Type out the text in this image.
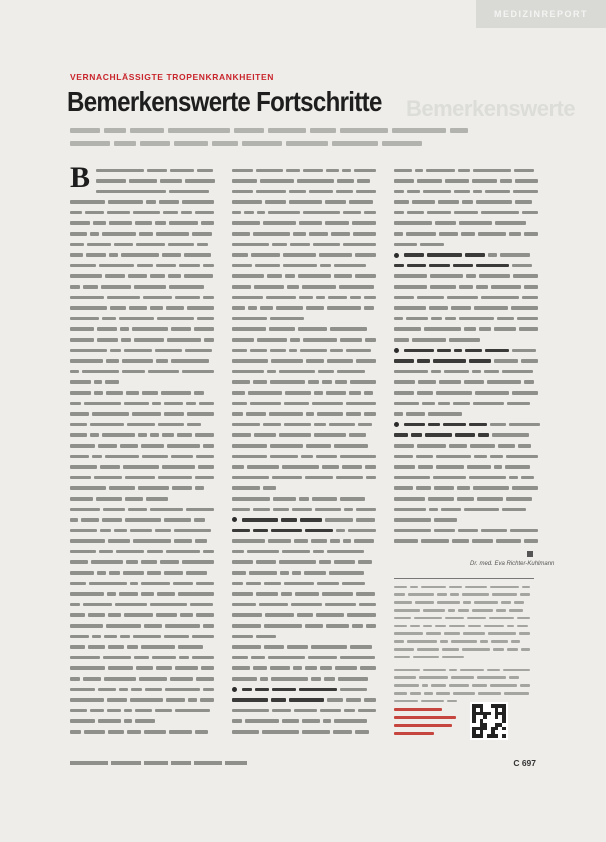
MEDIZINREPORT
VERNACHLÄSSIGTE TROPENKRANKHEITEN
Bemerkenswerte Fortschritte Bemerkenswerte
B
Dr. med. Eva Richter-Kuhlmann
C 697
